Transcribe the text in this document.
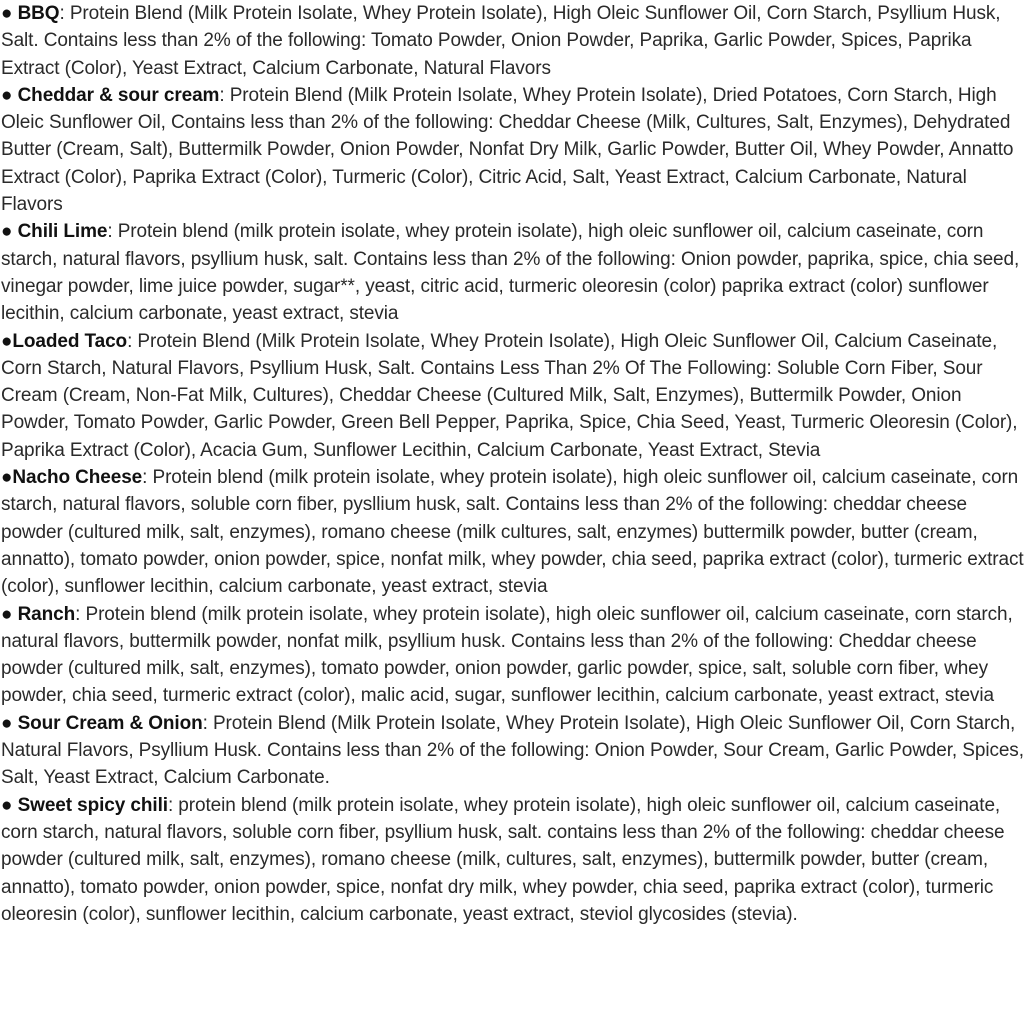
● BBQ: Protein Blend (Milk Protein Isolate, Whey Protein Isolate), High Oleic Sunflower Oil, Corn Starch, Psyllium Husk, Salt. Contains less than 2% of the following: Tomato Powder, Onion Powder, Paprika, Garlic Powder, Spices, Paprika Extract (Color), Yeast Extract, Calcium Carbonate, Natural Flavors

● Cheddar & sour cream: Protein Blend (Milk Protein Isolate, Whey Protein Isolate), Dried Potatoes, Corn Starch, High Oleic Sunflower Oil, Contains less than 2% of the following: Cheddar Cheese (Milk, Cultures, Salt, Enzymes), Dehydrated Butter (Cream, Salt), Buttermilk Powder, Onion Powder, Nonfat Dry Milk, Garlic Powder, Butter Oil, Whey Powder, Annatto Extract (Color), Paprika Extract (Color), Turmeric (Color), Citric Acid, Salt, Yeast Extract, Calcium Carbonate, Natural Flavors

● Chili Lime: Protein blend (milk protein isolate, whey protein isolate), high oleic sunflower oil, calcium caseinate, corn starch, natural flavors, psyllium husk, salt. Contains less than 2% of the following: Onion powder, paprika, spice, chia seed, vinegar powder, lime juice powder, sugar**, yeast, citric acid, turmeric oleoresin (color) paprika extract (color) sunflower lecithin, calcium carbonate, yeast extract, stevia

●Loaded Taco: Protein Blend (Milk Protein Isolate, Whey Protein Isolate), High Oleic Sunflower Oil, Calcium Caseinate, Corn Starch, Natural Flavors, Psyllium Husk, Salt. Contains Less Than 2% Of The Following: Soluble Corn Fiber, Sour Cream (Cream, Non-Fat Milk, Cultures), Cheddar Cheese (Cultured Milk, Salt, Enzymes), Buttermilk Powder, Onion Powder, Tomato Powder, Garlic Powder, Green Bell Pepper, Paprika, Spice, Chia Seed, Yeast, Turmeric Oleoresin (Color), Paprika Extract (Color), Acacia Gum, Sunflower Lecithin, Calcium Carbonate, Yeast Extract, Stevia

●Nacho Cheese: Protein blend (milk protein isolate, whey protein isolate), high oleic sunflower oil, calcium caseinate, corn starch, natural flavors, soluble corn fiber, pysllium husk, salt. Contains less than 2% of the following: cheddar cheese powder (cultured milk, salt, enzymes), romano cheese (milk cultures, salt, enzymes) buttermilk powder, butter (cream, annatto), tomato powder, onion powder, spice, nonfat milk, whey powder, chia seed, paprika extract (color), turmeric extract (color), sunflower lecithin, calcium carbonate, yeast extract, stevia

● Ranch: Protein blend (milk protein isolate, whey protein isolate), high oleic sunflower oil, calcium caseinate, corn starch, natural flavors, buttermilk powder, nonfat milk, psyllium husk. Contains less than 2% of the following: Cheddar cheese powder (cultured milk, salt, enzymes), tomato powder, onion powder, garlic powder, spice, salt, soluble corn fiber, whey powder, chia seed, turmeric extract (color), malic acid, sugar, sunflower lecithin, calcium carbonate, yeast extract, stevia

● Sour Cream & Onion: Protein Blend (Milk Protein Isolate, Whey Protein Isolate), High Oleic Sunflower Oil, Corn Starch, Natural Flavors, Psyllium Husk. Contains less than 2% of the following: Onion Powder, Sour Cream, Garlic Powder, Spices, Salt, Yeast Extract, Calcium Carbonate.

● Sweet spicy chili: protein blend (milk protein isolate, whey protein isolate), high oleic sunflower oil, calcium caseinate, corn starch, natural flavors, soluble corn fiber, psyllium husk, salt. contains less than 2% of the following: cheddar cheese powder (cultured milk, salt, enzymes), romano cheese (milk, cultures, salt, enzymes), buttermilk powder, butter (cream, annatto), tomato powder, onion powder, spice, nonfat dry milk, whey powder, chia seed, paprika extract (color), turmeric oleoresin (color), sunflower lecithin, calcium carbonate, yeast extract, steviol glycosides (stevia).
